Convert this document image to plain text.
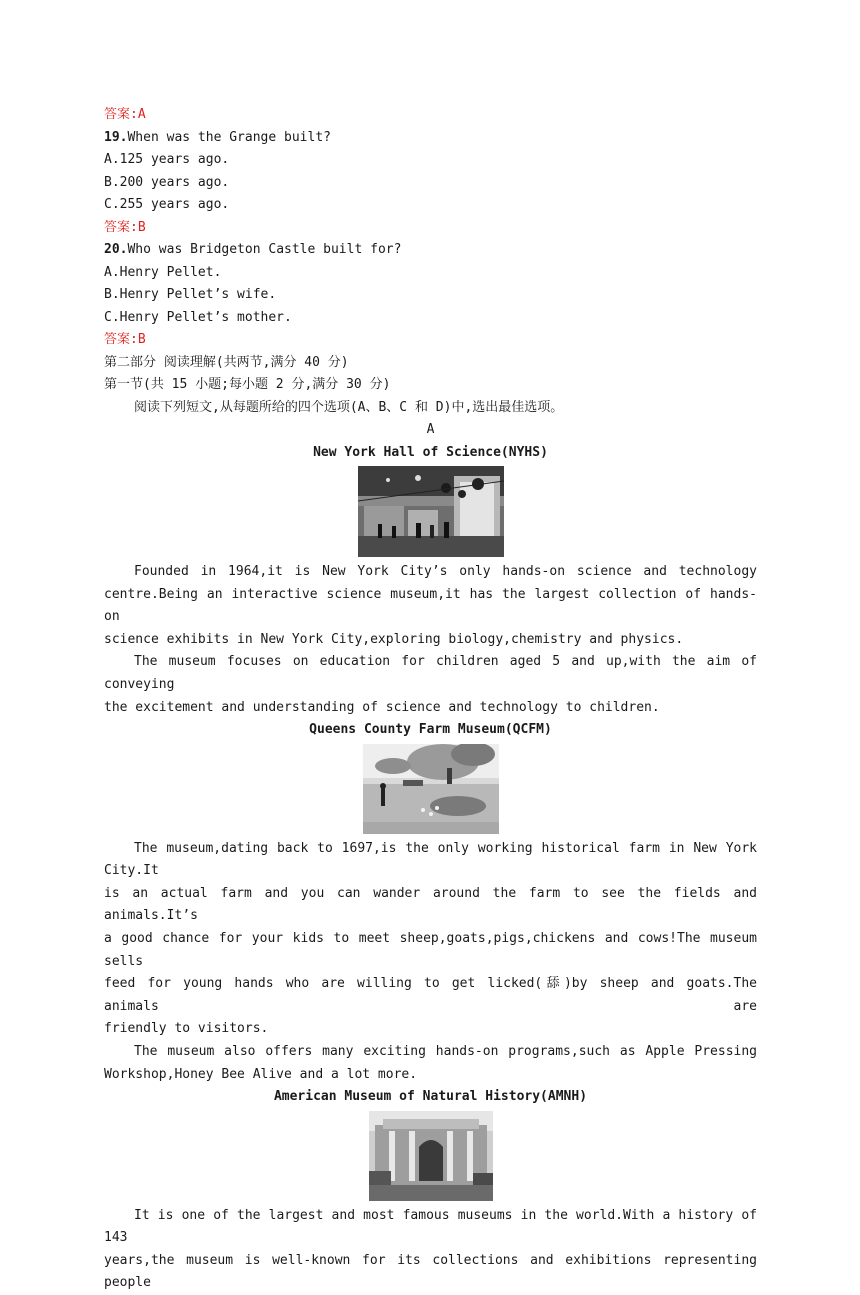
答案:A
19.When was the Grange built?
A.125 years ago.
B.200 years ago.
C.255 years ago.
答案:B
20.Who was Bridgeton Castle built for?
A.Henry Pellet.
B.Henry Pellet’s wife.
C.Henry Pellet’s mother.
答案:B
第二部分 阅读理解(共两节,满分 40 分)
第一节(共 15 小题;每小题 2 分,满分 30 分)
阅读下列短文,从每题所给的四个选项(A、B、C 和 D)中,选出最佳选项。
A
New York Hall of Science(NYHS)

Founded in 1964,it is New York City’s only hands-on science and technology
centre.Being an interactive science museum,it has the largest collection of hands-on
science exhibits in New York City,exploring biology,chemistry and physics.

The museum focuses on education for children aged 5 and up,with the aim of conveying
the excitement and understanding of science and technology to children.

Queens County Farm Museum(QCFM)

The museum,dating back to 1697,is the only working historical farm in New York City.It
is an actual farm and you can wander around the farm to see the fields and animals.It’s
a good chance for your kids to meet sheep,goats,pigs,chickens and cows!The museum sells
feed for young hands who are willing to get licked(舔)by sheep and goats.The animals are
friendly to visitors.

The museum also offers many exciting hands-on programs,such as Apple Pressing
Workshop,Honey Bee Alive and a lot more.

American Museum of Natural History(AMNH)

It is one of the largest and most famous museums in the world.With a history of 143
years,the museum is well-known for its collections and exhibitions representing people
